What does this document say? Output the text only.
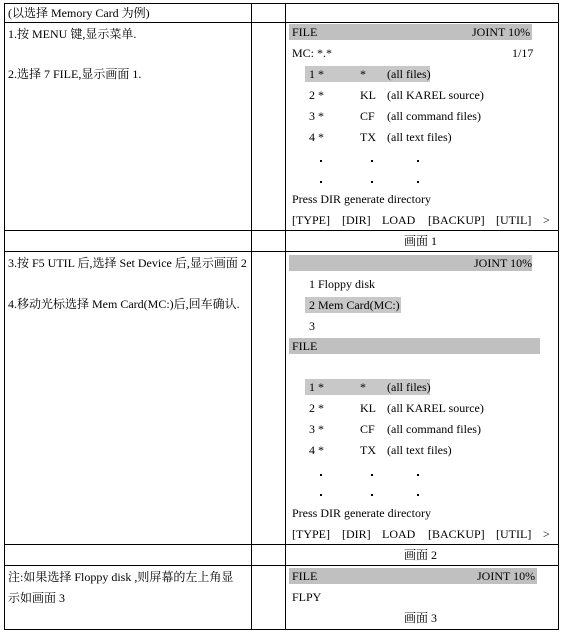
(以选择 Memory Card 为例)
1.按 MENU 键,显示菜单.
2.选择 7 FILE,显示画面 1.
3.按 F5 UTIL 后,选择 Set Device 后,显示画面 2
4.移动光标选择 Mem Card(MC:)后,回车确认.
注:如果选择 Floppy disk ,则屏幕的左上角显
示如画面 3
FILE	JOINT 10%
MC: *.*	1/17
1 *	* (all files)
2 *	KL (all KAREL source)
3 *	CF (all command files)
4 *	TX (all text files)
Press DIR generate directory
[TYPE] [DIR] LOAD [BACKUP] [UTIL] >
画面 1
JOINT 10%
1 Floppy disk
2 Mem Card(MC:)
3
FILE
1 *	* (all files)
2 *	KL (all KAREL source)
3 *	CF (all command files)
4 *	TX (all text files)
Press DIR generate directory
[TYPE] [DIR] LOAD [BACKUP] [UTIL] >
画面 2
FILE	JOINT 10%
FLPY
画面 3
